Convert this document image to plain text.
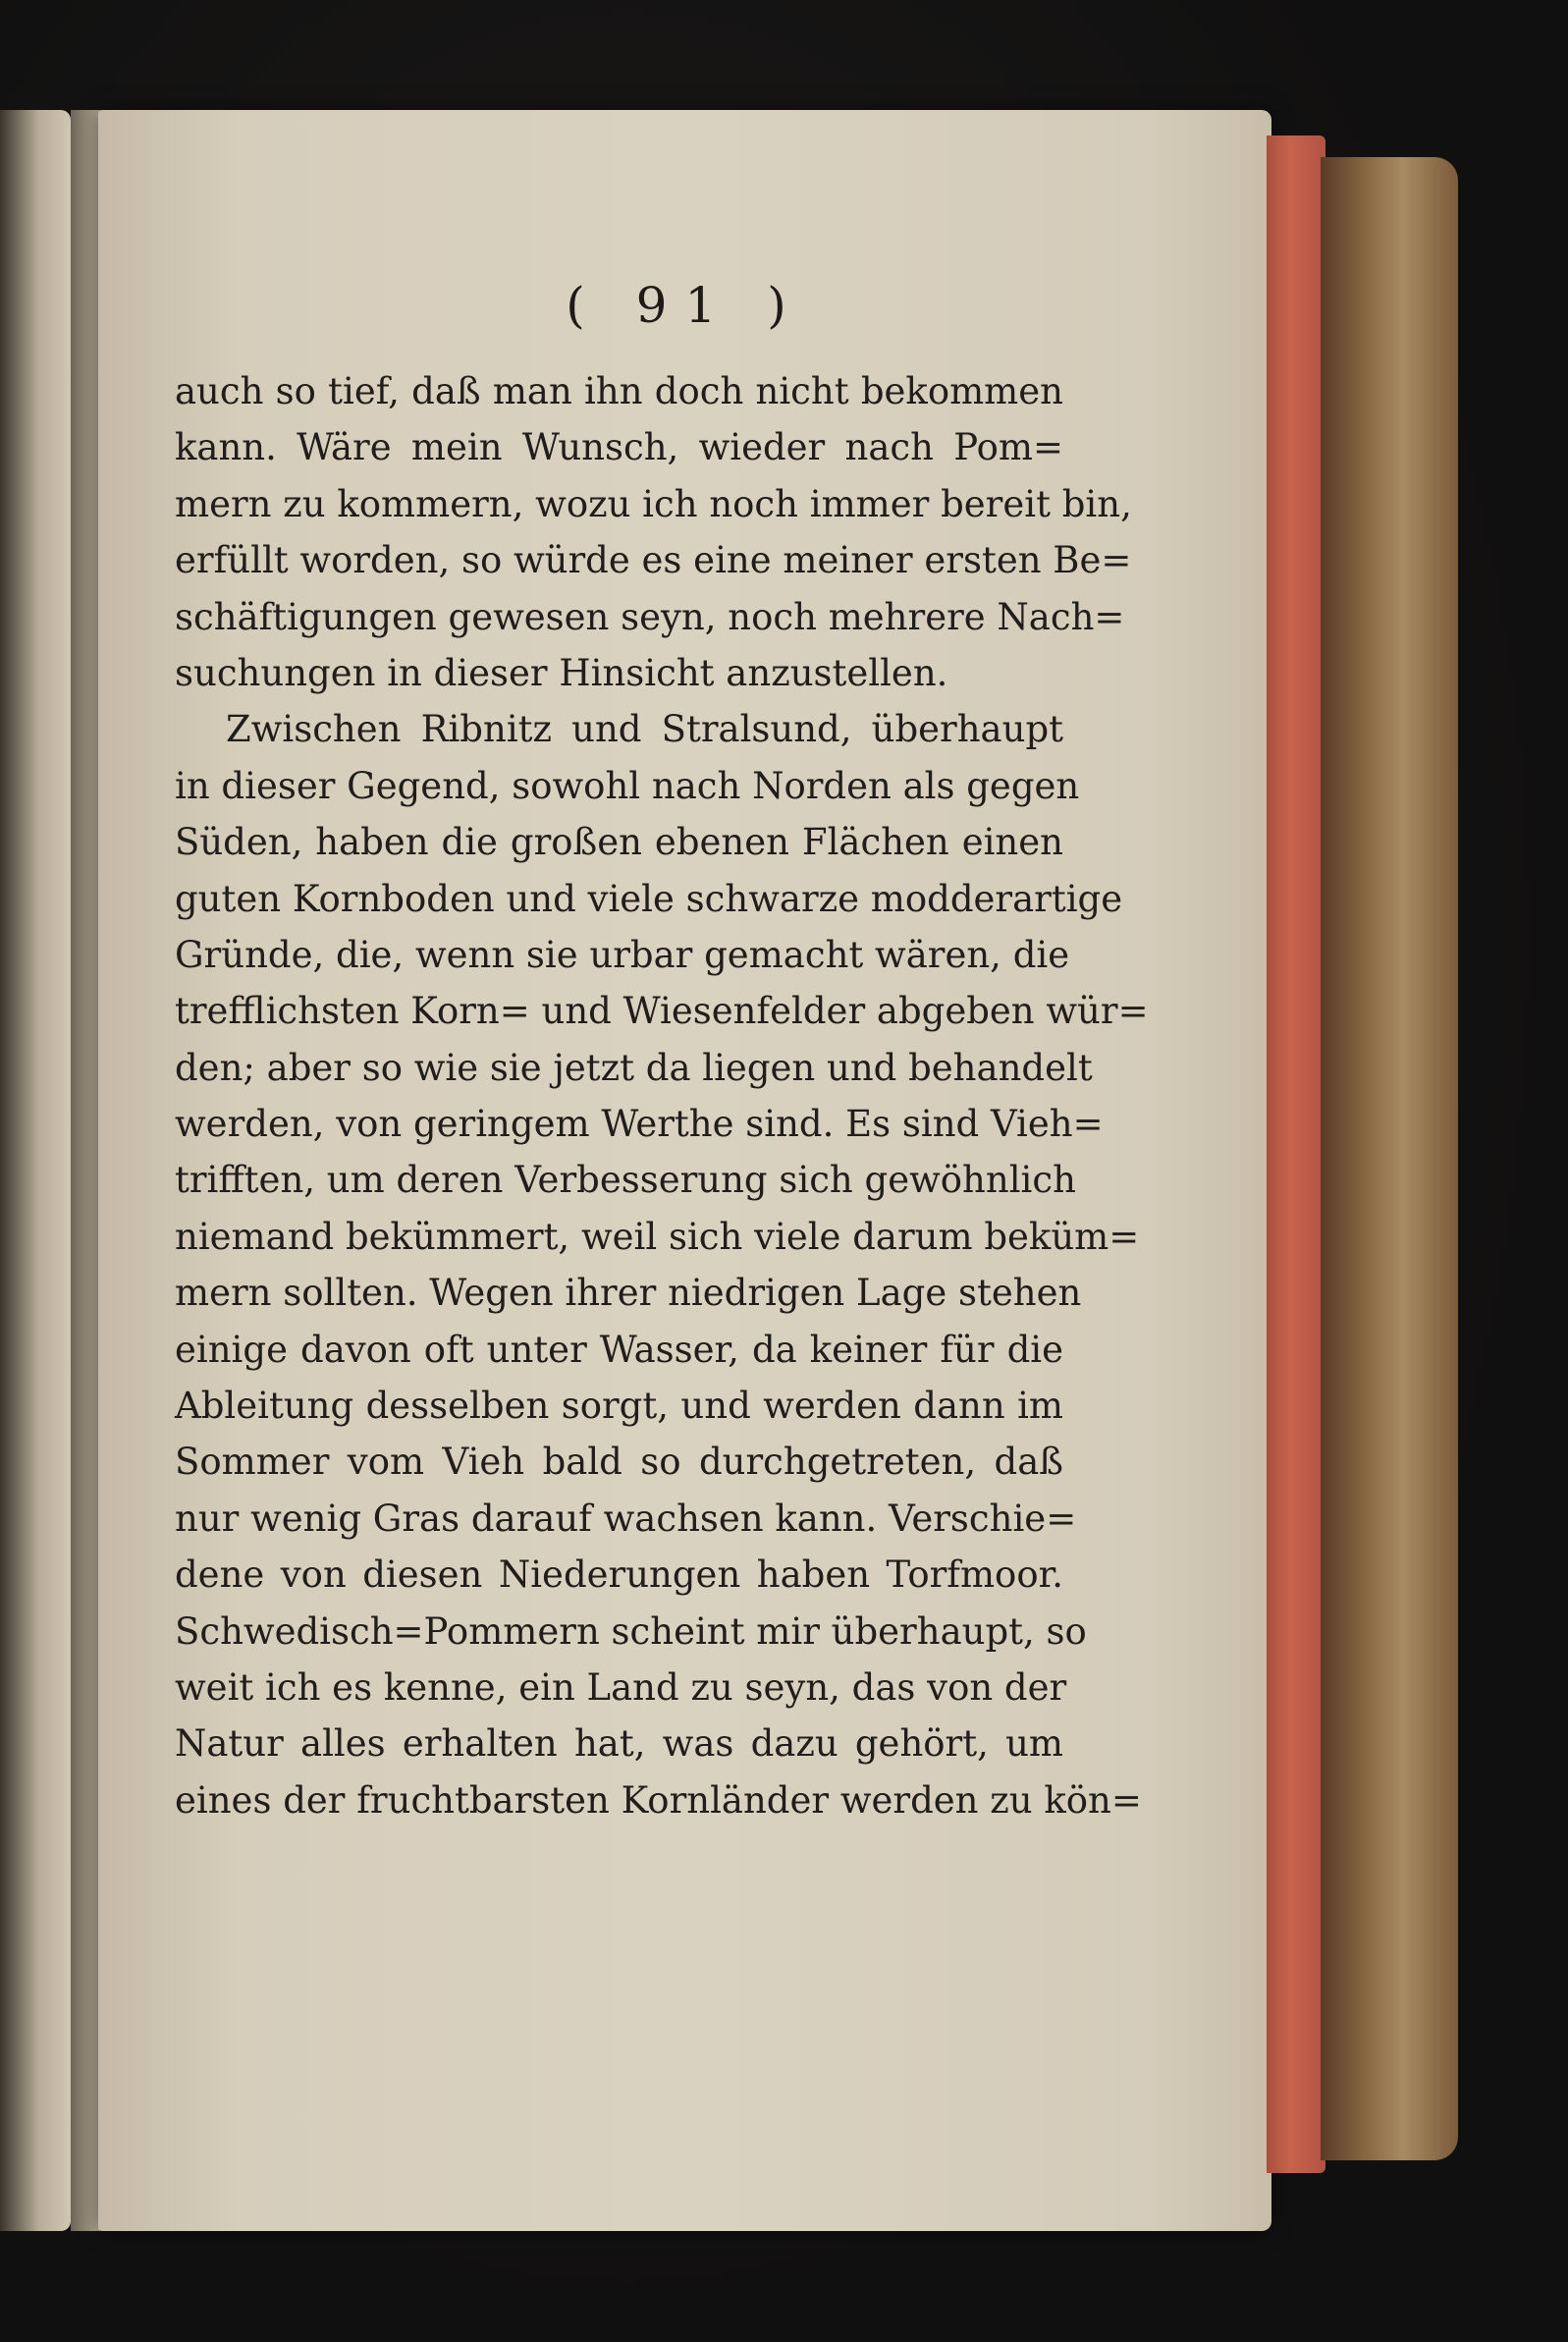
( 91 )
auch so tief, daß man ihn doch nicht bekommen
kann. Wäre mein Wunsch, wieder nach Pom=
mern zu kommern, wozu ich noch immer bereit bin,
erfüllt worden, so würde es eine meiner ersten Be=
schäftigungen gewesen seyn, noch mehrere Nach=
suchungen in dieser Hinsicht anzustellen.
Zwischen Ribnitz und Stralsund, überhaupt
in dieser Gegend, sowohl nach Norden als gegen
Süden, haben die großen ebenen Flächen einen
guten Kornboden und viele schwarze modderartige
Gründe, die, wenn sie urbar gemacht wären, die
trefflichsten Korn= und Wiesenfelder abgeben wür=
den; aber so wie sie jetzt da liegen und behandelt
werden, von geringem Werthe sind. Es sind Vieh=
trifften, um deren Verbesserung sich gewöhnlich
niemand bekümmert, weil sich viele darum beküm=
mern sollten. Wegen ihrer niedrigen Lage stehen
einige davon oft unter Wasser, da keiner für die
Ableitung desselben sorgt, und werden dann im
Sommer vom Vieh bald so durchgetreten, daß
nur wenig Gras darauf wachsen kann. Verschie=
dene von diesen Niederungen haben Torfmoor.
Schwedisch=Pommern scheint mir überhaupt, so
weit ich es kenne, ein Land zu seyn, das von der
Natur alles erhalten hat, was dazu gehört, um
eines der fruchtbarsten Kornländer werden zu kön=
